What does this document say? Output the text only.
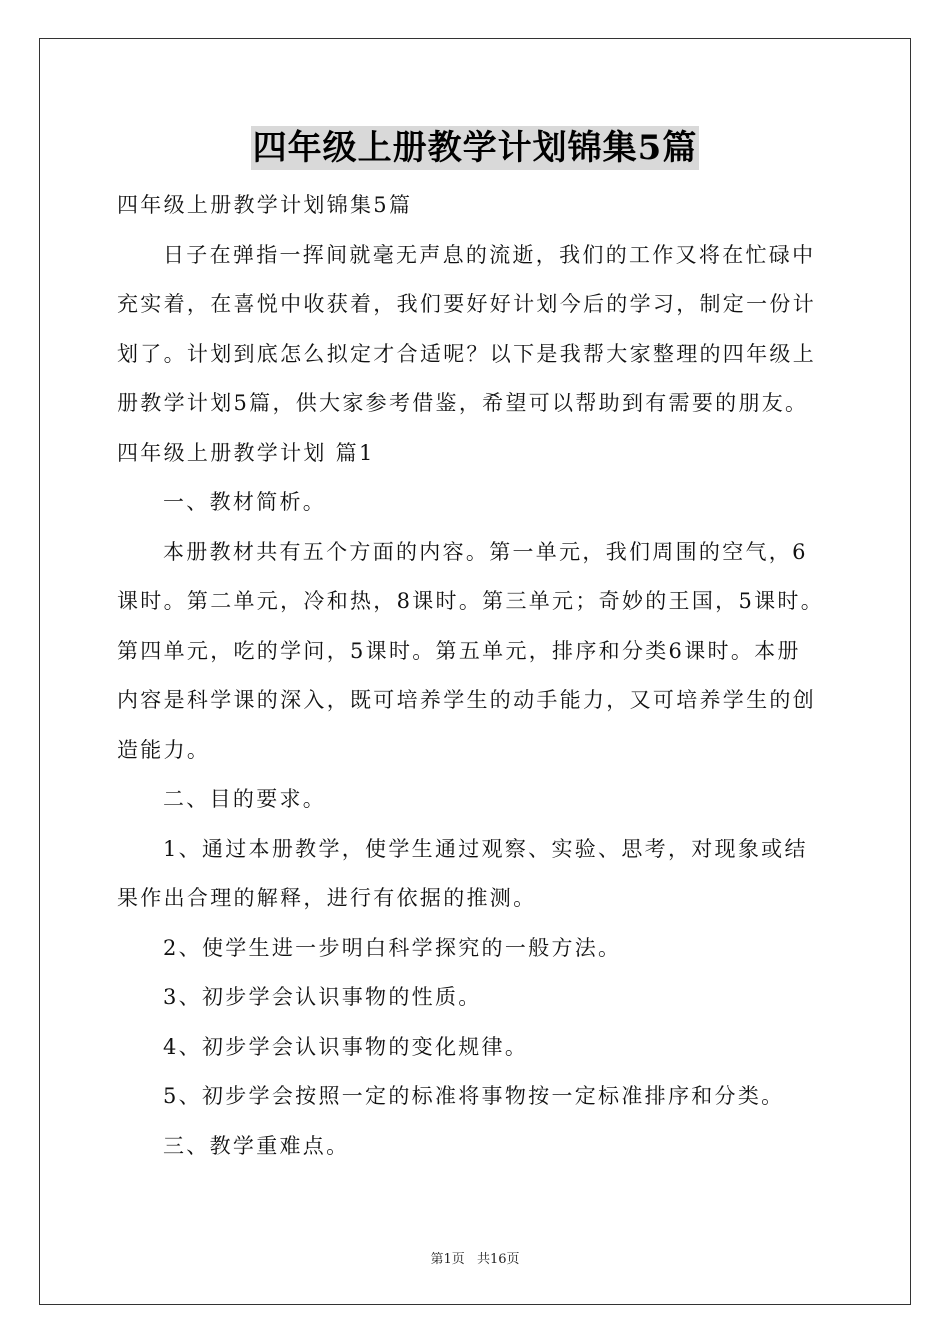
四年级上册教学计划锦集5篇

四年级上册教学计划锦集5篇

日子在弹指一挥间就毫无声息的流逝，我们的工作又将在忙碌中

充实着，在喜悦中收获着，我们要好好计划今后的学习，制定一份计

划了。计划到底怎么拟定才合适呢？以下是我帮大家整理的四年级上

册教学计划5篇，供大家参考借鉴，希望可以帮助到有需要的朋友。

四年级上册教学计划 篇1

一、教材简析。

本册教材共有五个方面的内容。第一单元，我们周围的空气，6

课时。第二单元，冷和热，8课时。第三单元；奇妙的王国，5课时。

第四单元，吃的学问，5课时。第五单元，排序和分类6课时。本册

内容是科学课的深入，既可培养学生的动手能力，又可培养学生的创

造能力。

二、目的要求。

1、通过本册教学，使学生通过观察、实验、思考，对现象或结

果作出合理的解释，进行有依据的推测。

2、使学生进一步明白科学探究的一般方法。

3、初步学会认识事物的性质。

4、初步学会认识事物的变化规律。

5、初步学会按照一定的标准将事物按一定标准排序和分类。

三、教学重难点。

第1页 共16页
